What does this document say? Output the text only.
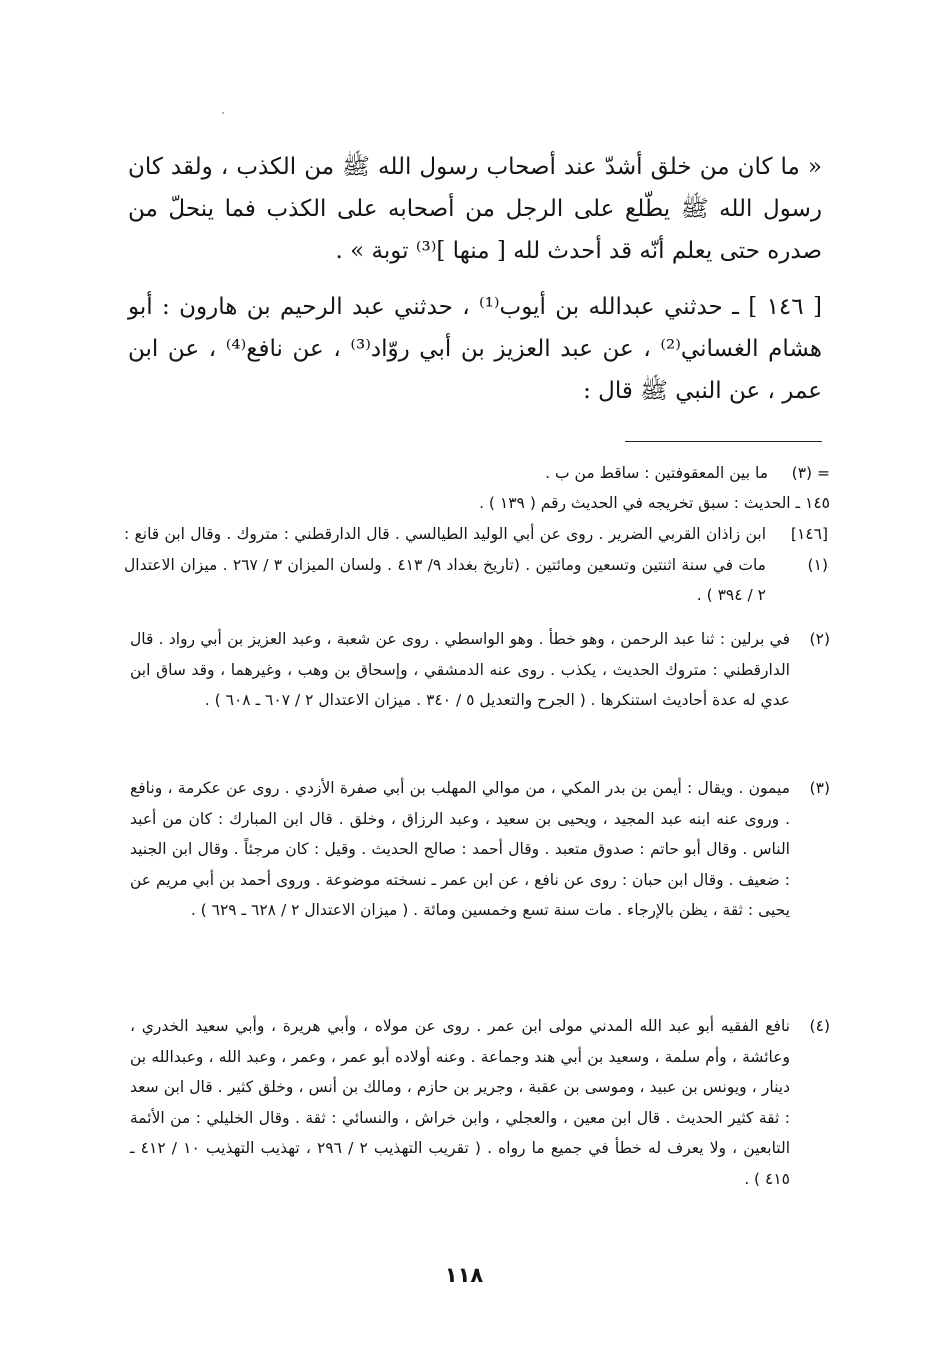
« ما كان من خلق أشدّ عند أصحاب رسول الله ﷺ من الكذب ، ولقد كان رسول الله ﷺ يطّلع على الرجل من أصحابه على الكذب فما ينحلّ من صدره حتى يعلم أنّه قد أحدث لله [ منها ]⁽³⁾ توبة » .

[ ١٤٦ ] ـ حدثني عبدالله بن أيوب⁽¹⁾ ، حدثني عبد الرحيم بن هارون : أبو هشام الغساني⁽²⁾ ، عن عبد العزيز بن أبي روّاد⁽³⁾ ، عن نافع⁽⁴⁾ ، عن ابن عمر ، عن النبي ﷺ قال :

= (٣)
ما بين المعقوفتين : ساقط من ب .
١٤٥ ـ الحديث : سبق تخريجه في الحديث رقم ( ١٣٩ ) .
[١٤٦] (١)
ابن زاذان القربي الضرير . روى عن أبي الوليد الطيالسي . قال الدارقطني : متروك . وقال ابن قانع : مات في سنة اثنتين وتسعين ومائتين . (تاريخ بغداد ٩/ ٤١٣ . ولسان الميزان ٣ / ٢٦٧ . ميزان الاعتدال ٢ / ٣٩٤ ) .
(٢)
في برلين : ثنا عبد الرحمن ، وهو خطأ . وهو الواسطي . روى عن شعبة ، وعبد العزيز بن أبي رواد . قال الدارقطني : متروك الحديث ، يكذب . روى عنه الدمشقي ، وإسحاق بن وهب ، وغيرهما ، وقد ساق ابن عدي له عدة أحاديث استنكرها . ( الجرح والتعديل ٥ / ٣٤٠ . ميزان الاعتدال ٢ / ٦٠٧ ـ ٦٠٨ ) .
(٣)
ميمون . ويقال : أيمن بن بدر المكي ، من موالي المهلب بن أبي صفرة الأزدي . روى عن عكرمة ، ونافع . وروى عنه ابنه عبد المجيد ، ويحيى بن سعيد ، وعبد الرزاق ، وخلق . قال ابن المبارك : كان من أعبد الناس . وقال أبو حاتم : صدوق متعبد . وقال أحمد : صالح الحديث . وقيل : كان مرجئاً . وقال ابن الجنيد : ضعيف . وقال ابن حبان : روى عن نافع ، عن ابن عمر ـ نسخته موضوعة . وروى أحمد بن أبي مريم عن يحيى : ثقة ، يظن بالإرجاء . مات سنة تسع وخمسين ومائة . ( ميزان الاعتدال ٢ / ٦٢٨ ـ ٦٢٩ ) .
(٤)
نافع الفقيه أبو عبد الله المدني مولى ابن عمر . روى عن مولاه ، وأبي هريرة ، وأبي سعيد الخدري ، وعائشة ، وأم سلمة ، وسعيد بن أبي هند وجماعة . وعنه أولاده أبو عمر ، وعمر ، وعبد الله ، وعبدالله بن دينار ، ويونس بن عبيد ، وموسى بن عقبة ، وجرير بن حازم ، ومالك بن أنس ، وخلق كثير . قال ابن سعد : ثقة كثير الحديث . قال ابن معين ، والعجلي ، وابن خراش ، والنسائي : ثقة . وقال الخليلي : من الأئمة التابعين ، ولا يعرف له خطأ في جميع ما رواه . ( تقريب التهذيب ٢ / ٢٩٦ ، تهذيب التهذيب ١٠ / ٤١٢ ـ ٤١٥ ) .
١١٨
